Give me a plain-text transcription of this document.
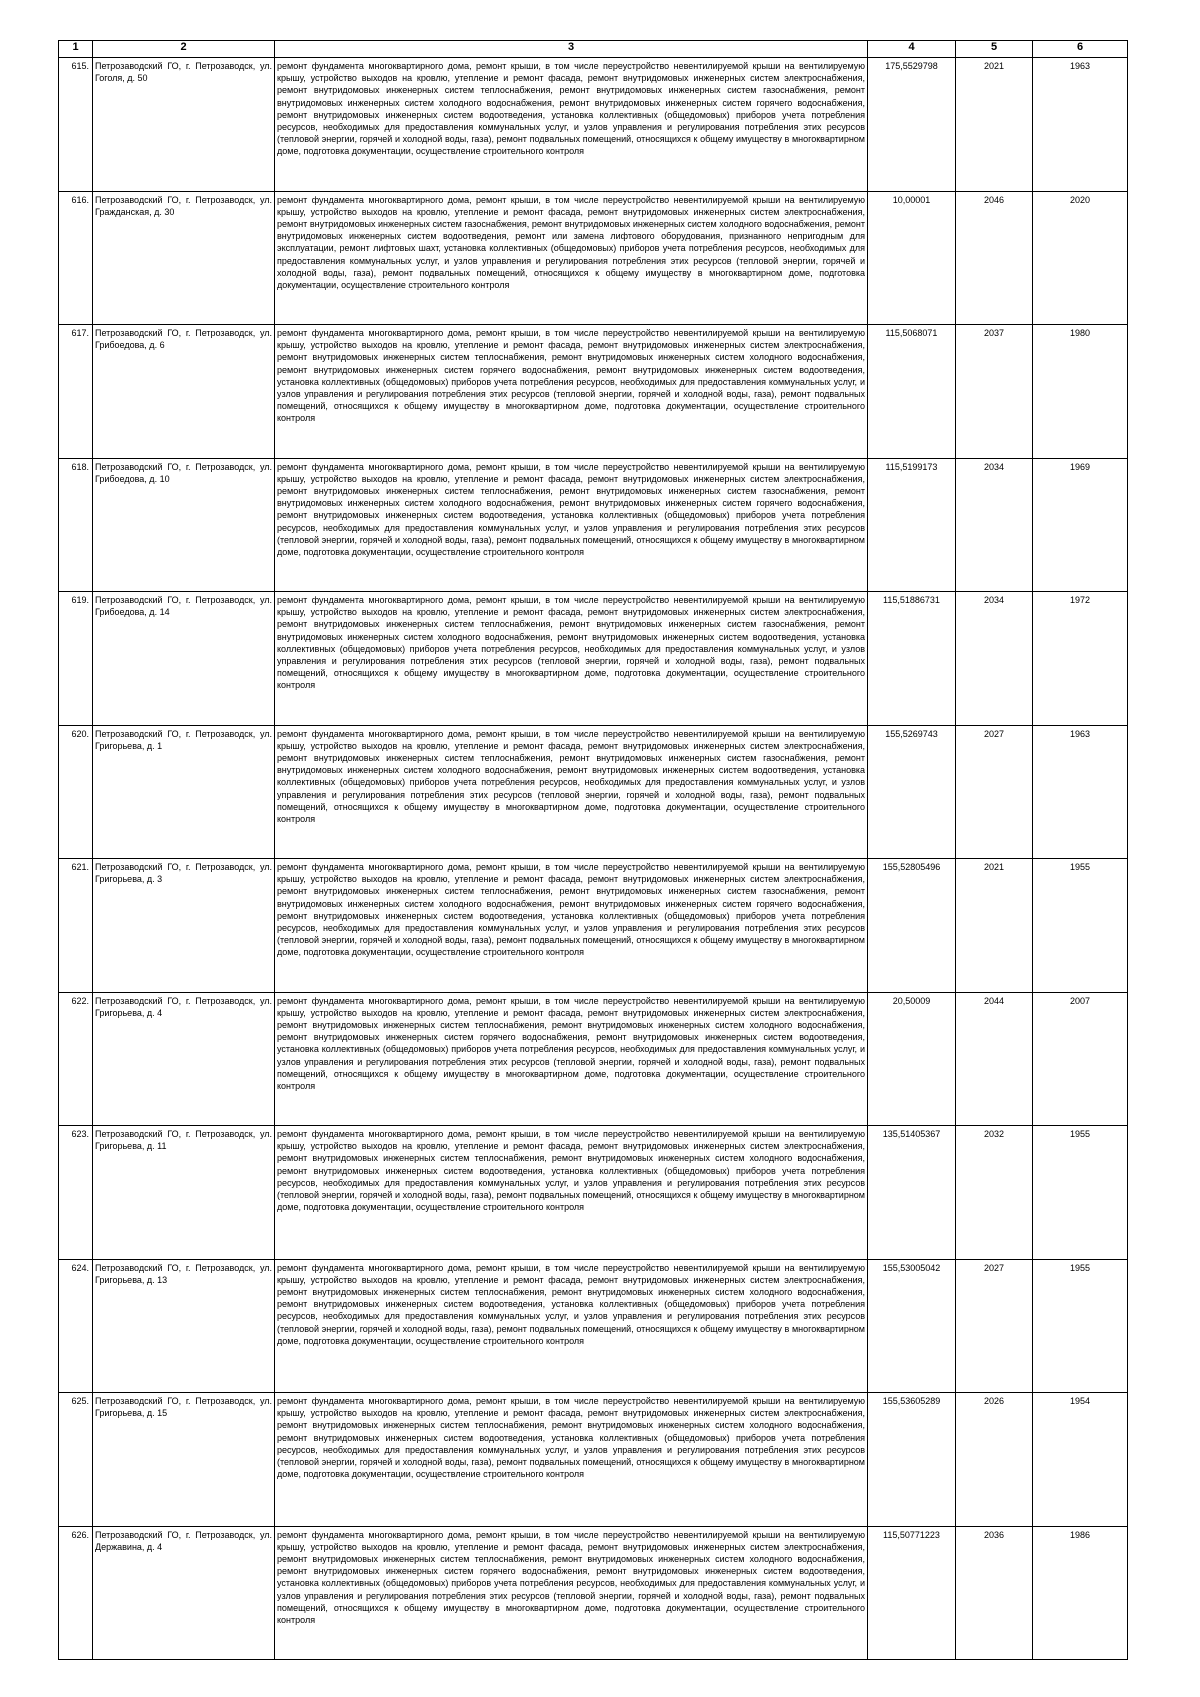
1	2	3	4	5	6
615.	Петрозаводский ГО, г. Петрозаводск, ул. Гоголя, д. 50	ремонт фундамента многоквартирного дома, ремонт крыши, в том числе переустройство невентилируемой крыши на вентилируемую крышу, устройство выходов на кровлю, утепление и ремонт фасада, ремонт внутридомовых инженерных систем электроснабжения, ремонт внутридомовых инженерных систем теплоснабжения, ремонт внутридомовых инженерных систем газоснабжения, ремонт внутридомовых инженерных систем холодного водоснабжения, ремонт внутридомовых инженерных систем горячего водоснабжения, ремонт внутридомовых инженерных систем водоотведения, установка коллективных (общедомовых) приборов учета потребления ресурсов, необходимых для предоставления коммунальных услуг, и узлов управления и регулирования потребления этих ресурсов (тепловой энергии, горячей и холодной воды, газа), ремонт подвальных помещений, относящихся к общему имуществу в многоквартирном доме, подготовка документации, осуществление строительного контроля	175,5529798	2021	1963
616.	Петрозаводский ГО, г. Петрозаводск, ул. Гражданская, д. 30	ремонт фундамента многоквартирного дома, ремонт крыши, в том числе переустройство невентилируемой крыши на вентилируемую крышу, устройство выходов на кровлю, утепление и ремонт фасада, ремонт внутридомовых инженерных систем электроснабжения, ремонт внутридомовых инженерных систем газоснабжения, ремонт внутридомовых инженерных систем холодного водоснабжения, ремонт внутридомовых инженерных систем водоотведения, ремонт или замена лифтового оборудования, признанного непригодным для эксплуатации, ремонт лифтовых шахт, установка коллективных (общедомовых) приборов учета потребления ресурсов, необходимых для предоставления коммунальных услуг, и узлов управления и регулирования потребления этих ресурсов (тепловой энергии, горячей и холодной воды, газа), ремонт подвальных помещений, относящихся к общему имуществу в многоквартирном доме, подготовка документации, осуществление строительного контроля	10,00001	2046	2020
617.	Петрозаводский ГО, г. Петрозаводск, ул. Грибоедова, д. 6	ремонт фундамента многоквартирного дома, ремонт крыши, в том числе переустройство невентилируемой крыши на вентилируемую крышу, устройство выходов на кровлю, утепление и ремонт фасада, ремонт внутридомовых инженерных систем электроснабжения, ремонт внутридомовых инженерных систем теплоснабжения, ремонт внутридомовых инженерных систем холодного водоснабжения, ремонт внутридомовых инженерных систем горячего водоснабжения, ремонт внутридомовых инженерных систем водоотведения, установка коллективных (общедомовых) приборов учета потребления ресурсов, необходимых для предоставления коммунальных услуг, и узлов управления и регулирования потребления этих ресурсов (тепловой энергии, горячей и холодной воды, газа), ремонт подвальных помещений, относящихся к общему имуществу в многоквартирном доме, подготовка документации, осуществление строительного контроля	115,5068071	2037	1980
618.	Петрозаводский ГО, г. Петрозаводск, ул. Грибоедова, д. 10	ремонт фундамента многоквартирного дома, ремонт крыши, в том числе переустройство невентилируемой крыши на вентилируемую крышу, устройство выходов на кровлю, утепление и ремонт фасада, ремонт внутридомовых инженерных систем электроснабжения, ремонт внутридомовых инженерных систем теплоснабжения, ремонт внутридомовых инженерных систем газоснабжения, ремонт внутридомовых инженерных систем холодного водоснабжения, ремонт внутридомовых инженерных систем горячего водоснабжения, ремонт внутридомовых инженерных систем водоотведения, установка коллективных (общедомовых) приборов учета потребления ресурсов, необходимых для предоставления коммунальных услуг, и узлов управления и регулирования потребления этих ресурсов (тепловой энергии, горячей и холодной воды, газа), ремонт подвальных помещений, относящихся к общему имуществу в многоквартирном доме, подготовка документации, осуществление строительного контроля	115,5199173	2034	1969
619.	Петрозаводский ГО, г. Петрозаводск, ул. Грибоедова, д. 14	ремонт фундамента многоквартирного дома, ремонт крыши, в том числе переустройство невентилируемой крыши на вентилируемую крышу, устройство выходов на кровлю, утепление и ремонт фасада, ремонт внутридомовых инженерных систем электроснабжения, ремонт внутридомовых инженерных систем теплоснабжения, ремонт внутридомовых инженерных систем газоснабжения, ремонт внутридомовых инженерных систем холодного водоснабжения, ремонт внутридомовых инженерных систем водоотведения, установка коллективных (общедомовых) приборов учета потребления ресурсов, необходимых для предоставления коммунальных услуг, и узлов управления и регулирования потребления этих ресурсов (тепловой энергии, горячей и холодной воды, газа), ремонт подвальных помещений, относящихся к общему имуществу в многоквартирном доме, подготовка документации, осуществление строительного контроля	115,51886731	2034	1972
620.	Петрозаводский ГО, г. Петрозаводск, ул. Григорьева, д. 1	ремонт фундамента многоквартирного дома, ремонт крыши, в том числе переустройство невентилируемой крыши на вентилируемую крышу, устройство выходов на кровлю, утепление и ремонт фасада, ремонт внутридомовых инженерных систем электроснабжения, ремонт внутридомовых инженерных систем теплоснабжения, ремонт внутридомовых инженерных систем газоснабжения, ремонт внутридомовых инженерных систем холодного водоснабжения, ремонт внутридомовых инженерных систем водоотведения, установка коллективных (общедомовых) приборов учета потребления ресурсов, необходимых для предоставления коммунальных услуг, и узлов управления и регулирования потребления этих ресурсов (тепловой энергии, горячей и холодной воды, газа), ремонт подвальных помещений, относящихся к общему имуществу в многоквартирном доме, подготовка документации, осуществление строительного контроля	155,5269743	2027	1963
621.	Петрозаводский ГО, г. Петрозаводск, ул. Григорьева, д. 3	ремонт фундамента многоквартирного дома, ремонт крыши, в том числе переустройство невентилируемой крыши на вентилируемую крышу, устройство выходов на кровлю, утепление и ремонт фасада, ремонт внутридомовых инженерных систем электроснабжения, ремонт внутридомовых инженерных систем теплоснабжения, ремонт внутридомовых инженерных систем газоснабжения, ремонт внутридомовых инженерных систем холодного водоснабжения, ремонт внутридомовых инженерных систем горячего водоснабжения, ремонт внутридомовых инженерных систем водоотведения, установка коллективных (общедомовых) приборов учета потребления ресурсов, необходимых для предоставления коммунальных услуг, и узлов управления и регулирования потребления этих ресурсов (тепловой энергии, горячей и холодной воды, газа), ремонт подвальных помещений, относящихся к общему имуществу в многоквартирном доме, подготовка документации, осуществление строительного контроля	155,52805496	2021	1955
622.	Петрозаводский ГО, г. Петрозаводск, ул. Григорьева, д. 4	ремонт фундамента многоквартирного дома, ремонт крыши, в том числе переустройство невентилируемой крыши на вентилируемую крышу, устройство выходов на кровлю, утепление и ремонт фасада, ремонт внутридомовых инженерных систем электроснабжения, ремонт внутридомовых инженерных систем теплоснабжения, ремонт внутридомовых инженерных систем холодного водоснабжения, ремонт внутридомовых инженерных систем горячего водоснабжения, ремонт внутридомовых инженерных систем водоотведения, установка коллективных (общедомовых) приборов учета потребления ресурсов, необходимых для предоставления коммунальных услуг, и узлов управления и регулирования потребления этих ресурсов (тепловой энергии, горячей и холодной воды, газа), ремонт подвальных помещений, относящихся к общему имуществу в многоквартирном доме, подготовка документации, осуществление строительного контроля	20,50009	2044	2007
623.	Петрозаводский ГО, г. Петрозаводск, ул. Григорьева, д. 11	ремонт фундамента многоквартирного дома, ремонт крыши, в том числе переустройство невентилируемой крыши на вентилируемую крышу, устройство выходов на кровлю, утепление и ремонт фасада, ремонт внутридомовых инженерных систем электроснабжения, ремонт внутридомовых инженерных систем теплоснабжения, ремонт внутридомовых инженерных систем холодного водоснабжения, ремонт внутридомовых инженерных систем водоотведения, установка коллективных (общедомовых) приборов учета потребления ресурсов, необходимых для предоставления коммунальных услуг, и узлов управления и регулирования потребления этих ресурсов (тепловой энергии, горячей и холодной воды, газа), ремонт подвальных помещений, относящихся к общему имуществу в многоквартирном доме, подготовка документации, осуществление строительного контроля	135,51405367	2032	1955
624.	Петрозаводский ГО, г. Петрозаводск, ул. Григорьева, д. 13	ремонт фундамента многоквартирного дома, ремонт крыши, в том числе переустройство невентилируемой крыши на вентилируемую крышу, устройство выходов на кровлю, утепление и ремонт фасада, ремонт внутридомовых инженерных систем электроснабжения, ремонт внутридомовых инженерных систем теплоснабжения, ремонт внутридомовых инженерных систем холодного водоснабжения, ремонт внутридомовых инженерных систем водоотведения, установка коллективных (общедомовых) приборов учета потребления ресурсов, необходимых для предоставления коммунальных услуг, и узлов управления и регулирования потребления этих ресурсов (тепловой энергии, горячей и холодной воды, газа), ремонт подвальных помещений, относящихся к общему имуществу в многоквартирном доме, подготовка документации, осуществление строительного контроля	155,53005042	2027	1955
625.	Петрозаводский ГО, г. Петрозаводск, ул. Григорьева, д. 15	ремонт фундамента многоквартирного дома, ремонт крыши, в том числе переустройство невентилируемой крыши на вентилируемую крышу, устройство выходов на кровлю, утепление и ремонт фасада, ремонт внутридомовых инженерных систем электроснабжения, ремонт внутридомовых инженерных систем теплоснабжения, ремонт внутридомовых инженерных систем холодного водоснабжения, ремонт внутридомовых инженерных систем водоотведения, установка коллективных (общедомовых) приборов учета потребления ресурсов, необходимых для предоставления коммунальных услуг, и узлов управления и регулирования потребления этих ресурсов (тепловой энергии, горячей и холодной воды, газа), ремонт подвальных помещений, относящихся к общему имуществу в многоквартирном доме, подготовка документации, осуществление строительного контроля	155,53605289	2026	1954
626.	Петрозаводский ГО, г. Петрозаводск, ул. Державина, д. 4	ремонт фундамента многоквартирного дома, ремонт крыши, в том числе переустройство невентилируемой крыши на вентилируемую крышу, устройство выходов на кровлю, утепление и ремонт фасада, ремонт внутридомовых инженерных систем электроснабжения, ремонт внутридомовых инженерных систем теплоснабжения, ремонт внутридомовых инженерных систем холодного водоснабжения, ремонт внутридомовых инженерных систем горячего водоснабжения, ремонт внутридомовых инженерных систем водоотведения, установка коллективных (общедомовых) приборов учета потребления ресурсов, необходимых для предоставления коммунальных услуг, и узлов управления и регулирования потребления этих ресурсов (тепловой энергии, горячей и холодной воды, газа), ремонт подвальных помещений, относящихся к общему имуществу в многоквартирном доме, подготовка документации, осуществление строительного контроля	115,50771223	2036	1986
